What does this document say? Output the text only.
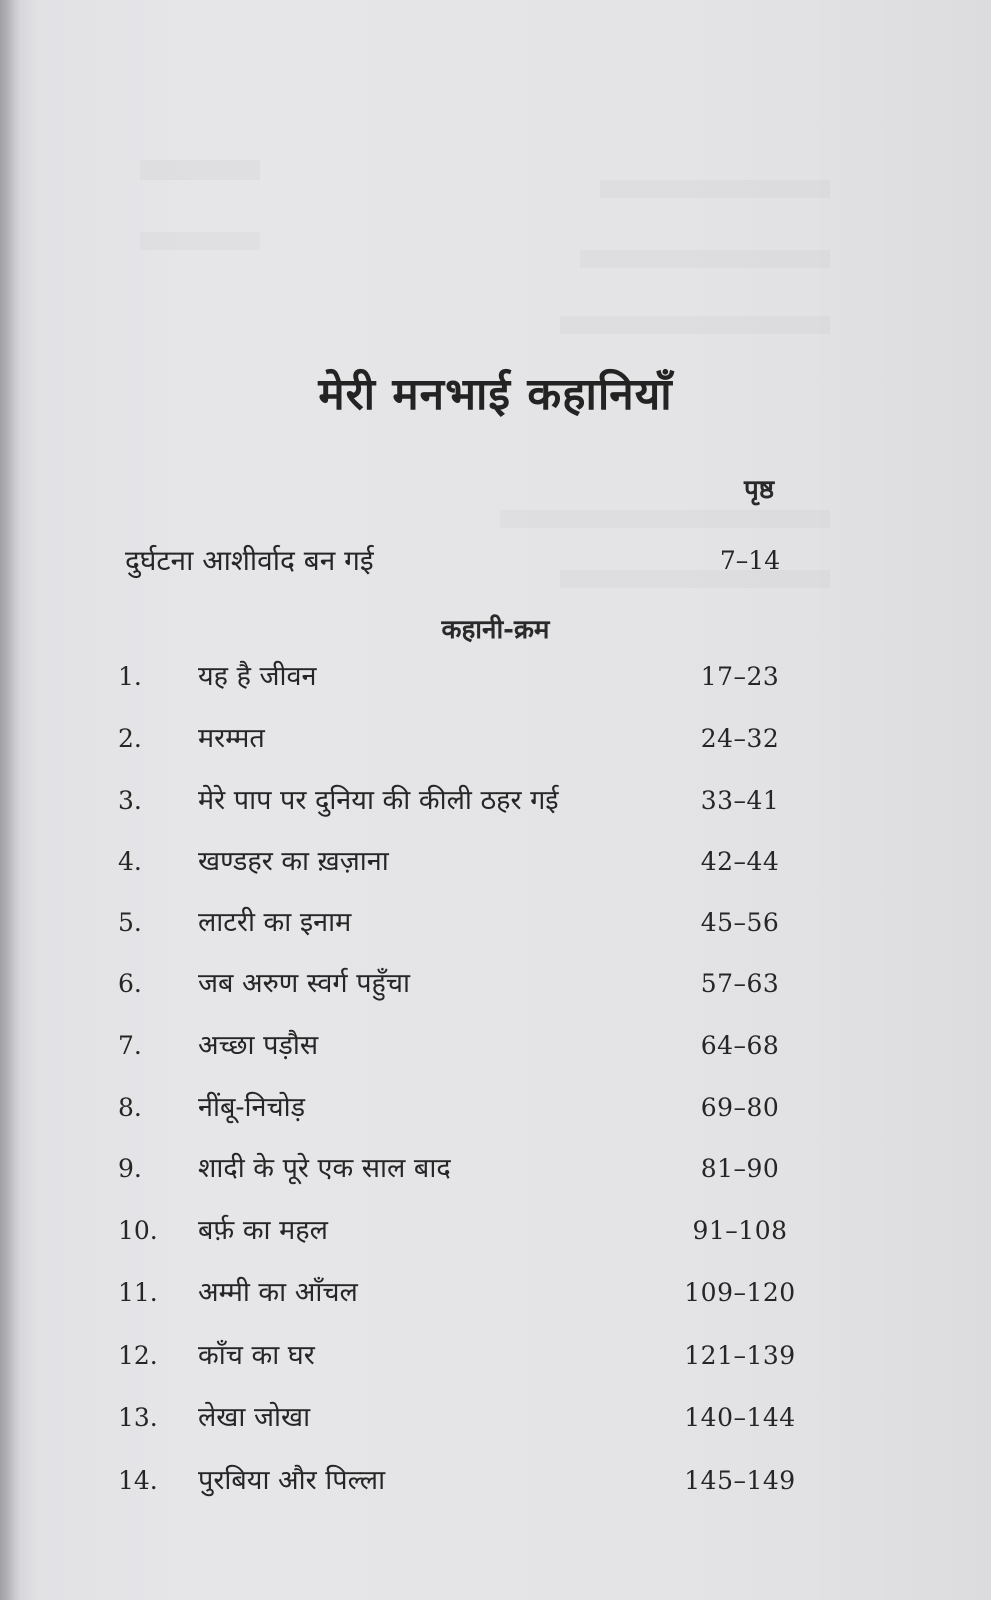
मेरी मनभाई कहानियाँ
पृष्ठ
दुर्घटना आशीर्वाद बन गई	7–14
कहानी-क्रम
1.	यह है जीवन	17–23
2.	मरम्मत	24–32
3.	मेरे पाप पर दुनिया की कीली ठहर गई	33–41
4.	खण्डहर का ख़ज़ाना	42–44
5.	लाटरी का इनाम	45–56
6.	जब अरुण स्वर्ग पहुँचा	57–63
7.	अच्छा पड़ौस	64–68
8.	नींबू-निचोड़	69–80
9.	शादी के पूरे एक साल बाद	81–90
10.	बर्फ़ का महल	91–108
11.	अम्मी का आँचल	109–120
12.	काँच का घर	121–139
13.	लेखा जोखा	140–144
14.	पुरबिया और पिल्ला	145–149
